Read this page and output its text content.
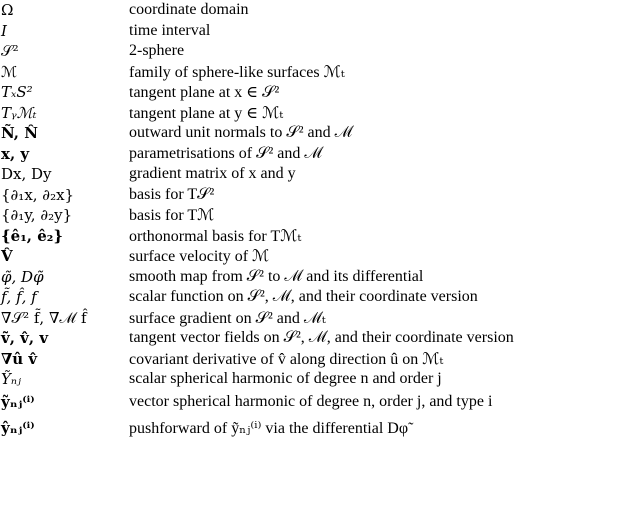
Ω	coordinate domain
I	time interval
𝒮²	2-sphere
ℳ	family of sphere-like surfaces ℳₜ
TₓS²	tangent plane at x ∈ 𝒮²
Tᵧℳₜ	tangent plane at y ∈ ℳₜ
Ñ, N̂	outward unit normals to 𝒮² and ℳ
x, y	parametrisations of 𝒮² and ℳ
Dx, Dy	gradient matrix of x and y
{∂₁x, ∂₂x}	basis for T𝒮²
{∂₁y, ∂₂y}	basis for Tℳ
{ê₁, ê₂}	orthonormal basis for Tℳₜ
V̂	surface velocity of ℳ
φ̃, Dφ̃	smooth map from 𝒮² to ℳ and its differential
f̃, f̂, f	scalar function on 𝒮², ℳ, and their coordinate version
∇𝒮² f̃, ∇ℳ f̂	surface gradient on 𝒮² and ℳₜ
ṽ, v̂, v	tangent vector fields on 𝒮², ℳ, and their coordinate version
∇û v̂	covariant derivative of v̂ along direction û on ℳₜ
Ỹₙⱼ	scalar spherical harmonic of degree n and order j
ỹₙⱼ⁽ⁱ⁾	vector spherical harmonic of degree n, order j, and type i
ŷₙⱼ⁽ⁱ⁾	pushforward of ỹₙⱼ⁽ⁱ⁾ via the differential Dφ̃
